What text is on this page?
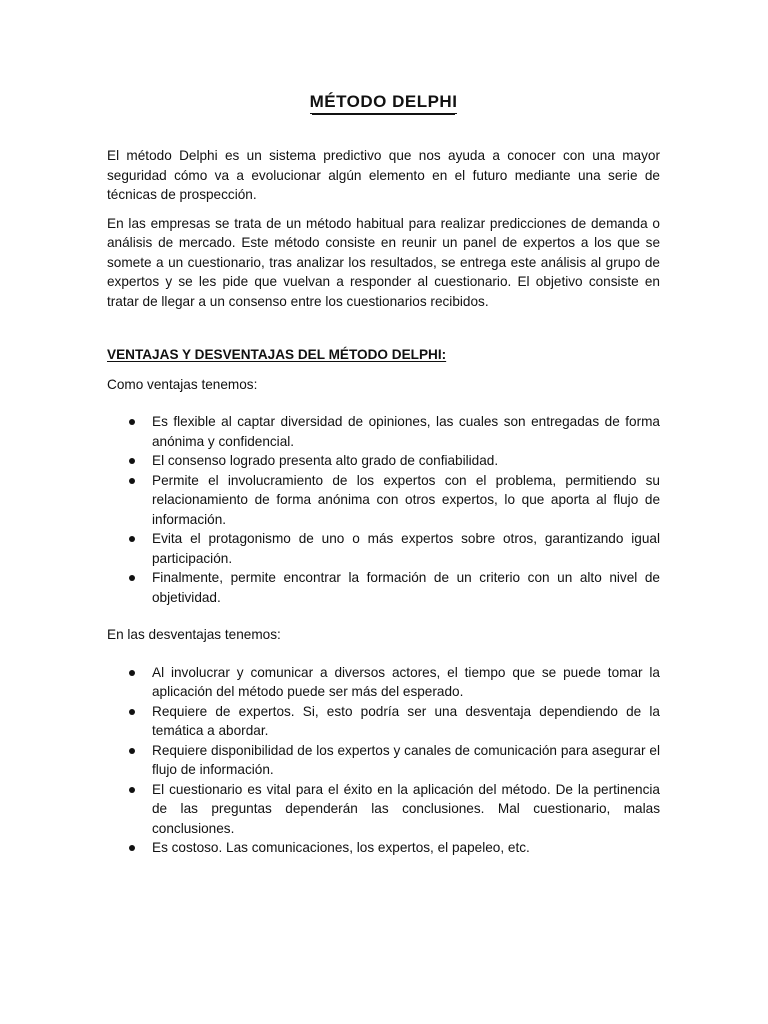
MÉTODO DELPHI

El método Delphi es un sistema predictivo que nos ayuda a conocer con una mayor seguridad cómo va a evolucionar algún elemento en el futuro mediante una serie de técnicas de prospección.

En las empresas se trata de un método habitual para realizar predicciones de demanda o análisis de mercado. Este método consiste en reunir un panel de expertos a los que se somete a un cuestionario, tras analizar los resultados, se entrega este análisis al grupo de expertos y se les pide que vuelvan a responder al cuestionario. El objetivo consiste en tratar de llegar a un consenso entre los cuestionarios recibidos.

VENTAJAS Y DESVENTAJAS DEL MÉTODO DELPHI:
Como ventajas tenemos:
Es flexible al captar diversidad de opiniones, las cuales son entregadas de forma anónima y confidencial.
El consenso logrado presenta alto grado de confiabilidad.
Permite el involucramiento de los expertos con el problema, permitiendo su relacionamiento de forma anónima con otros expertos, lo que aporta al flujo de información.
Evita el protagonismo de uno o más expertos sobre otros, garantizando igual participación.
Finalmente, permite encontrar la formación de un criterio con un alto nivel de objetividad.
En las desventajas tenemos:
Al involucrar y comunicar a diversos actores, el tiempo que se puede tomar la aplicación del método puede ser más del esperado.
Requiere de expertos. Si, esto podría ser una desventaja dependiendo de la temática a abordar.
Requiere disponibilidad de los expertos y canales de comunicación para asegurar el flujo de información.
El cuestionario es vital para el éxito en la aplicación del método. De la pertinencia de las preguntas dependerán las conclusiones. Mal cuestionario, malas conclusiones.
Es costoso. Las comunicaciones, los expertos, el papeleo, etc.
